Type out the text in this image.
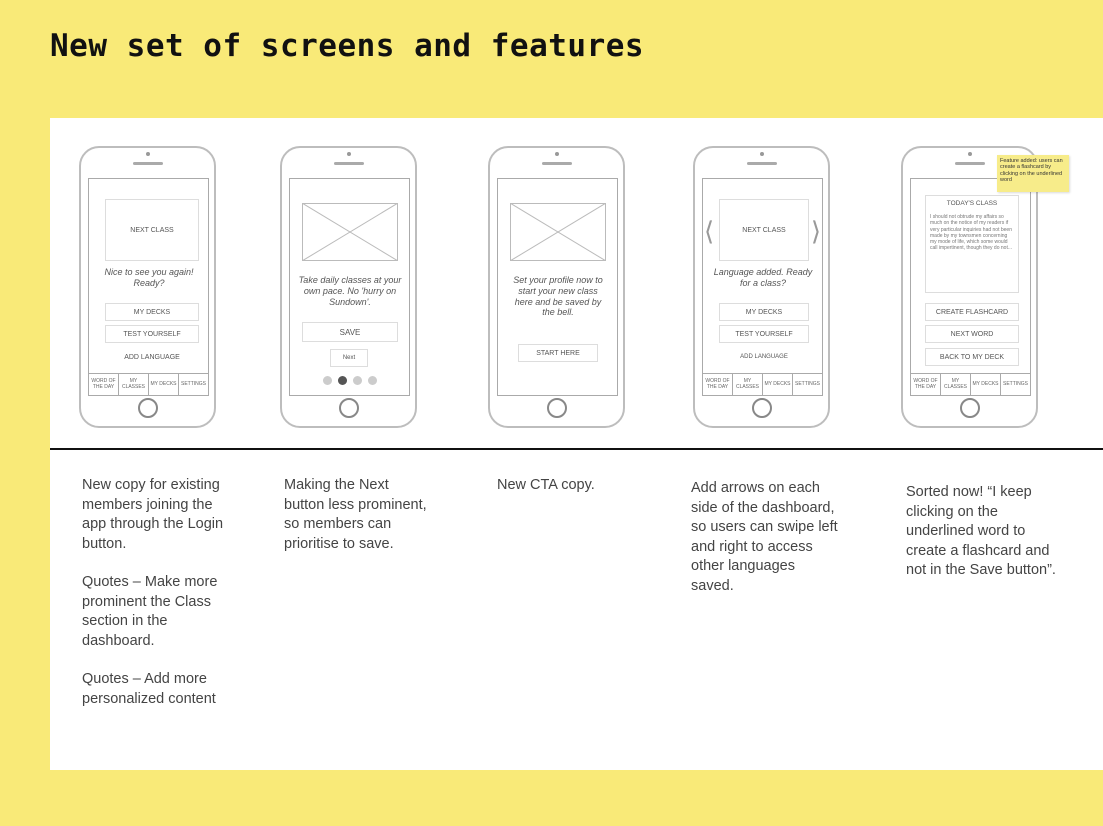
New set of screens and features
NEXT CLASS
Nice to see you again! Ready?
MY DECKS
TEST YOURSELF
ADD LANGUAGE
WORD OF THE DAY
MY CLASSES	MY DECKS SETTINGS
Take daily classes at your own pace. No 'hurry on Sundown'.
SAVE
Next
Set your profile now to start your new class here and be saved by the bell.
START HERE
⟨	⟩
NEXT CLASS
Language added. Ready for a class?
MY DECKS
TEST YOURSELF
ADD LANGUAGE
WORD OF THE DAY
MY CLASSES	MY DECKS SETTINGS
TODAY'S CLASS
I should not obtrude my affairs so much on the notice of my readers if very particular inquiries had not been made by my townsmen concerning my mode of life, which some would call impertinent, though they do not...
CREATE FLASHCARD
NEXT WORD
BACK TO MY DECK
WORD OF THE DAY
MY CLASSES	MY DECKS SETTINGS
Feature added: users can create a flashcard by clicking on the underlined word

New copy for existing members joining the app through the Login button.

Quotes – Make more prominent the Class section in the dashboard.

Quotes – Add more personalized content

Making the Next button less prominent, so members can prioritise to save.
New CTA copy.	Add arrows on each side of the dashboard, so users can swipe left and right to access other languages saved.
Sorted now! “I keep clicking on the underlined word to create a flashcard and not in the Save button”.
